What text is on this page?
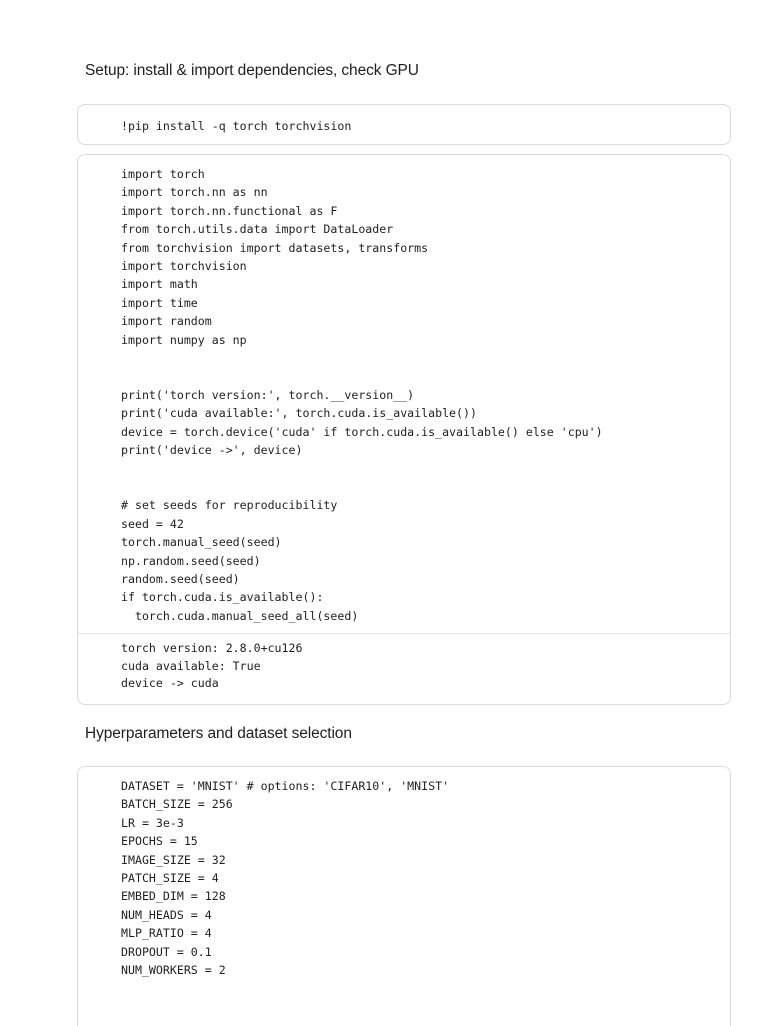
Setup: install & import dependencies, check GPU
!pip install -q torch torchvision
import torch
import torch.nn as nn
import torch.nn.functional as F
from torch.utils.data import DataLoader
from torchvision import datasets, transforms
import torchvision
import math
import time
import random
import numpy as np

print('torch version:', torch.__version__)
print('cuda available:', torch.cuda.is_available())
device = torch.device('cuda' if torch.cuda.is_available() else 'cpu')
print('device ->', device)

# set seeds for reproducibility
seed = 42
torch.manual_seed(seed)
np.random.seed(seed)
random.seed(seed)
if torch.cuda.is_available():
torch.cuda.manual_seed_all(seed)
torch version: 2.8.0+cu126
cuda available: True
device -> cuda
Hyperparameters and dataset selection
DATASET = 'MNIST' # options: 'CIFAR10', 'MNIST'
BATCH_SIZE = 256
LR = 3e-3
EPOCHS = 15
IMAGE_SIZE = 32
PATCH_SIZE = 4
EMBED_DIM = 128
NUM_HEADS = 4
MLP_RATIO = 4
DROPOUT = 0.1
NUM_WORKERS = 2
